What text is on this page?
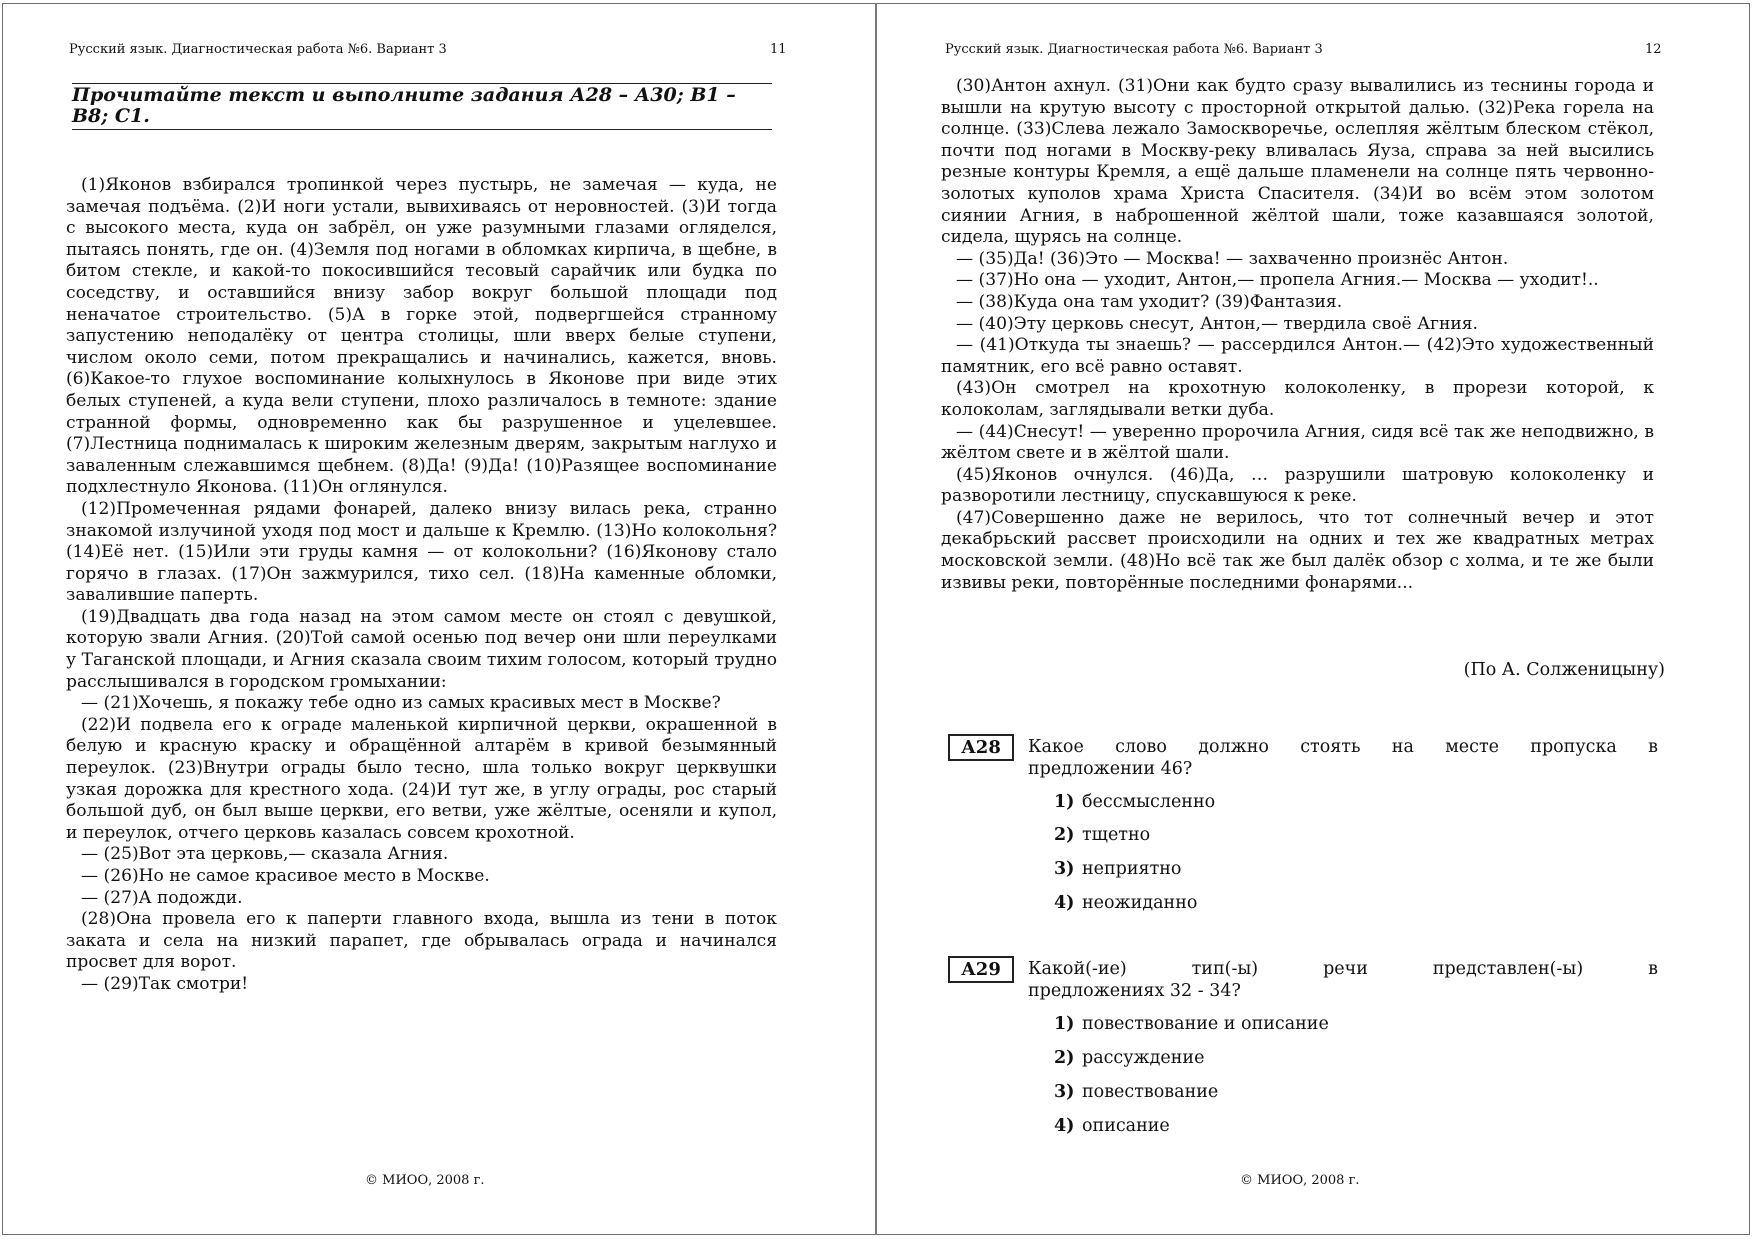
Русский язык. Диагностическая работа №6. Вариант 3	11
Прочитайте текст и выполните задания А28 – А30; В1 – В8; С1.

(1)Яконов взбирался тропинкой через пустырь, не замечая — куда, не замечая подъёма. (2)И ноги устали, вывихиваясь от неровностей. (3)И тогда с высокого места, куда он забрёл, он уже разумными глазами огляделся, пытаясь понять, где он. (4)Земля под ногами в обломках кирпича, в щебне, в битом стекле, и какой-то покосившийся тесовый сарайчик или будка по соседству, и оставшийся внизу забор вокруг большой площади под неначатое строительство. (5)А в горке этой, подвергшейся странному запустению неподалёку от центра столицы, шли вверх белые ступени, числом около семи, потом прекращались и начинались, кажется, вновь. (6)Какое-то глухое воспоминание колыхнулось в Яконове при виде этих белых ступеней, а куда вели ступени, плохо различалось в темноте: здание странной формы, одновременно как бы разрушенное и уцелевшее. (7)Лестница поднималась к широким железным дверям, закрытым наглухо и заваленным слежавшимся щебнем. (8)Да! (9)Да! (10)Разящее воспоминание подхлестнуло Яконова. (11)Он оглянулся.

(12)Промеченная рядами фонарей, далеко внизу вилась река, странно знакомой излучиной уходя под мост и дальше к Кремлю. (13)Но колокольня? (14)Её нет. (15)Или эти груды камня — от колокольни? (16)Яконову стало горячо в глазах. (17)Он зажмурился, тихо сел. (18)На каменные обломки, завалившие паперть.

(19)Двадцать два года назад на этом самом месте он стоял с девушкой, которую звали Агния. (20)Той самой осенью под вечер они шли переулками у Таганской площади, и Агния сказала своим тихим голосом, который трудно расслышивался в городском громыхании:

— (21)Хочешь, я покажу тебе одно из самых красивых мест в Москве?

(22)И подвела его к ограде маленькой кирпичной церкви, окрашенной в белую и красную краску и обращённой алтарём в кривой безымянный переулок. (23)Внутри ограды было тесно, шла только вокруг церквушки узкая дорожка для крестного хода. (24)И тут же, в углу ограды, рос старый большой дуб, он был выше церкви, его ветви, уже жёлтые, осеняли и купол, и переулок, отчего церковь казалась совсем крохотной.

— (25)Вот эта церковь,— сказала Агния.

— (26)Но не самое красивое место в Москве.

— (27)А подожди.

(28)Она провела его к паперти главного входа, вышла из тени в поток заката и села на низкий парапет, где обрывалась ограда и начинался просвет для ворот.

— (29)Так смотри!

© МИОО, 2008 г.
Русский язык. Диагностическая работа №6. Вариант 3	12

(30)Антон ахнул. (31)Они как будто сразу вывалились из теснины города и вышли на крутую высоту с просторной открытой далью. (32)Река горела на солнце. (33)Слева лежало Замоскворечье, ослепляя жёлтым блеском стёкол, почти под ногами в Москву-реку вливалась Яуза, справа за ней высились резные контуры Кремля, а ещё дальше пламенели на солнце пять червонно-золотых куполов храма Христа Спасителя. (34)И во всём этом золотом сиянии Агния, в наброшенной жёлтой шали, тоже казавшаяся золотой, сидела, щурясь на солнце.

— (35)Да! (36)Это — Москва! — захваченно произнёс Антон.

— (37)Но она — уходит, Антон,— пропела Агния.— Москва — уходит!..

— (38)Куда она там уходит? (39)Фантазия.

— (40)Эту церковь снесут, Антон,— твердила своё Агния.

— (41)Откуда ты знаешь? — рассердился Антон.— (42)Это художественный памятник, его всё равно оставят.

(43)Он смотрел на крохотную колоколенку, в прорези которой, к колоколам, заглядывали ветки дуба.

— (44)Снесут! — уверенно пророчила Агния, сидя всё так же неподвижно, в жёлтом свете и в жёлтой шали.

(45)Яконов очнулся. (46)Да, … разрушили шатровую колоколенку и разворотили лестницу, спускавшуюся к реке.

(47)Совершенно даже не верилось, что тот солнечный вечер и этот декабрьский рассвет происходили на одних и тех же квадратных метрах московской земли. (48)Но всё так же был далёк обзор с холма, и те же были извивы реки, повторённые последними фонарями...

(По А. Солженицыну)
А28	Какое слово должно стоять на месте пропуска в
предложении 46?
1) бессмысленно
2) тщетно
3) неприятно
4) неожиданно
А29	Какой(-ие)	тип(-ы)	речи	представлен(-ы)	в
предложениях 32 - 34?
1) повествование и описание
2) рассуждение
3) повествование
4) описание
© МИОО, 2008 г.
